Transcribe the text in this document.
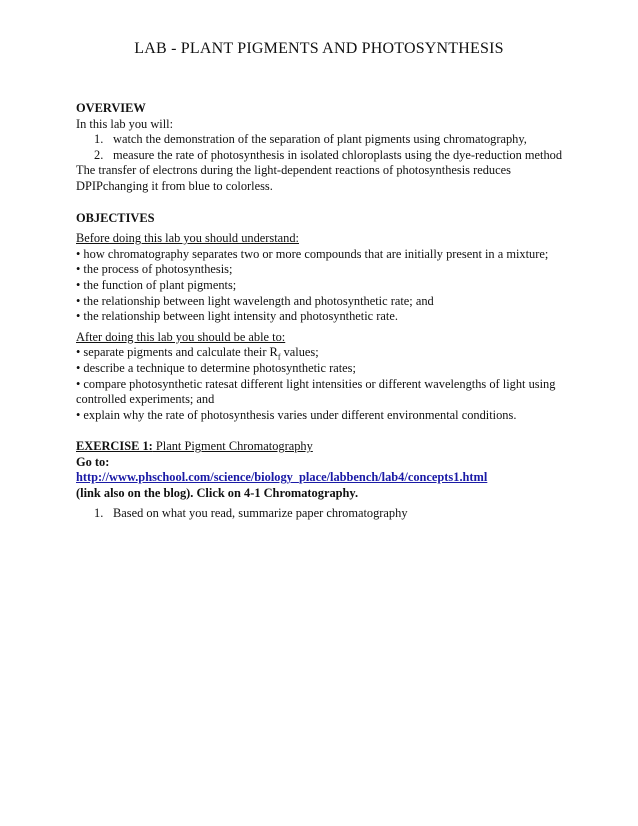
LAB - PLANT PIGMENTS AND PHOTOSYNTHESIS
OVERVIEW
In this lab you will:
1. watch the demonstration of the separation of plant pigments using chromatography,
2. measure the rate of photosynthesis in isolated chloroplasts using the dye-reduction method
The transfer of electrons during the light-dependent reactions of photosynthesis reduces DPIPchanging it from blue to colorless.
OBJECTIVES
Before doing this lab you should understand:
• how chromatography separates two or more compounds that are initially present in a mixture;
• the process of photosynthesis;
• the function of plant pigments;
• the relationship between light wavelength and photosynthetic rate; and
• the relationship between light intensity and photosynthetic rate.
After doing this lab you should be able to:
• separate pigments and calculate their $R_f$ values;
• describe a technique to determine photosynthetic rates;
• compare photosynthetic ratesat different light intensities or different wavelengths of light using controlled experiments; and
• explain why the rate of photosynthesis varies under different environmental conditions.
EXERCISE 1: Plant Pigment Chromatography
Go to:
http://www.phschool.com/science/biology_place/labbench/lab4/concepts1.html
(link also on the blog). Click on 4-1 Chromatography.
1. Based on what you read, summarize paper chromatography
